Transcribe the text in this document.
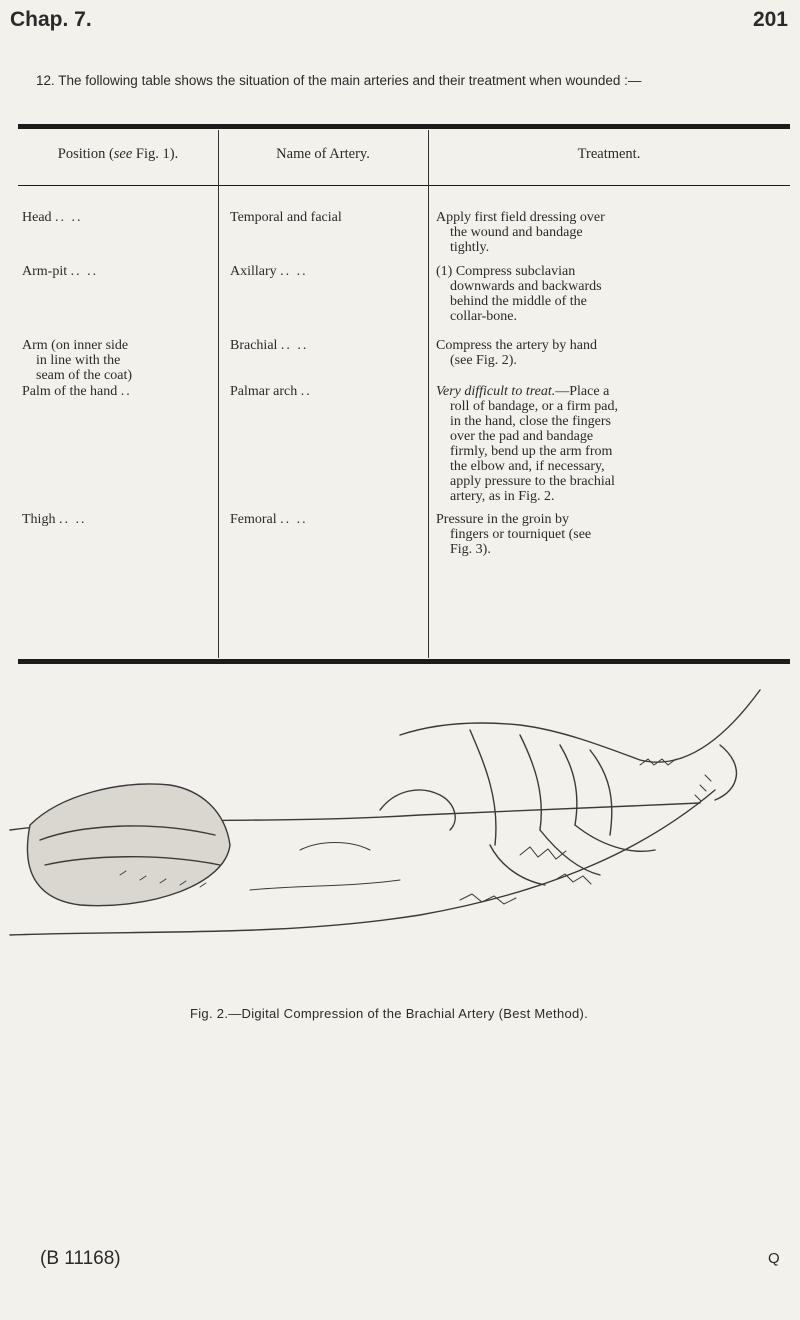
Chap. 7.	201
12. The following table shows the situation of the main arteries and their treatment when wounded :—
Position (see Fig. 1).	Name of Artery.	Treatment.
Head .. ..	Temporal and facial	Apply first field dressing over
the wound and bandage
tightly.
Arm-pit .. ..	Axillary .. ..	(1) Compress subclavian
downwards and backwards
behind the middle of the
collar-bone.
Arm (on inner side
in line with the
seam of the coat)
Brachial .. ..	Compress the artery by hand
(see Fig. 2).
Palm of the hand ..	Palmar arch ..	Very difficult to treat.—Place a
roll of bandage, or a firm pad,
in the hand, close the fingers
over the pad and bandage
firmly, bend up the arm from
the elbow and, if necessary,
apply pressure to the brachial
artery, as in Fig. 2.
Thigh .. ..	Femoral .. ..	Pressure in the groin by
fingers or tourniquet (see
Fig. 3).
Fig. 2.—Digital Compression of the Brachial Artery (Best Method).
(B 11168)	Q
